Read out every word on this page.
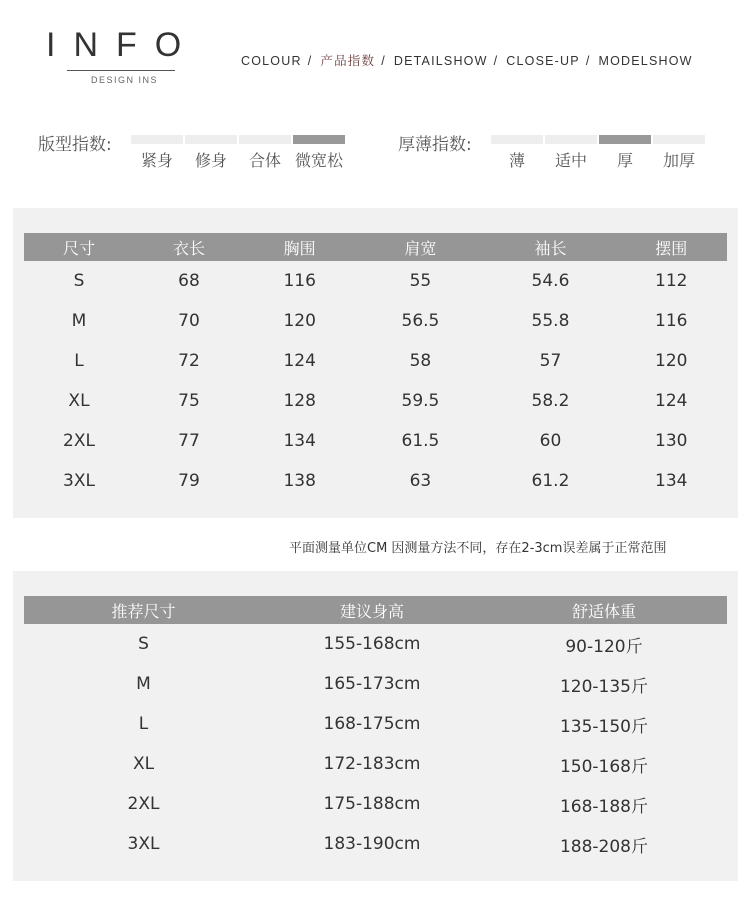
INFO
DESIGN INS
COLOUR / 产品指数 / DETAILSHOW / CLOSE-UP / MODELSHOW
版型指数:
紧身	修身	合体 微宽松
厚薄指数:
薄	适中	厚	加厚
尺寸	衣长	胸围	肩宽	袖长	摆围
S	68	116	55	54.6	112
M	70	120	56.5	55.8	116
L	72	124	58	57	120
XL	75	128	59.5	58.2	124
2XL	77	134	61.5	60	130
3XL	79	138	63	61.2	134
平面测量单位CM 因测量方法不同，存在2-3cm误差属于正常范围
推荐尺寸	建议身高	舒适体重
S	155-168cm	90-120斤
M	165-173cm	120-135斤
L	168-175cm	135-150斤
XL	172-183cm	150-168斤
2XL	175-188cm	168-188斤
3XL	183-190cm	188-208斤
